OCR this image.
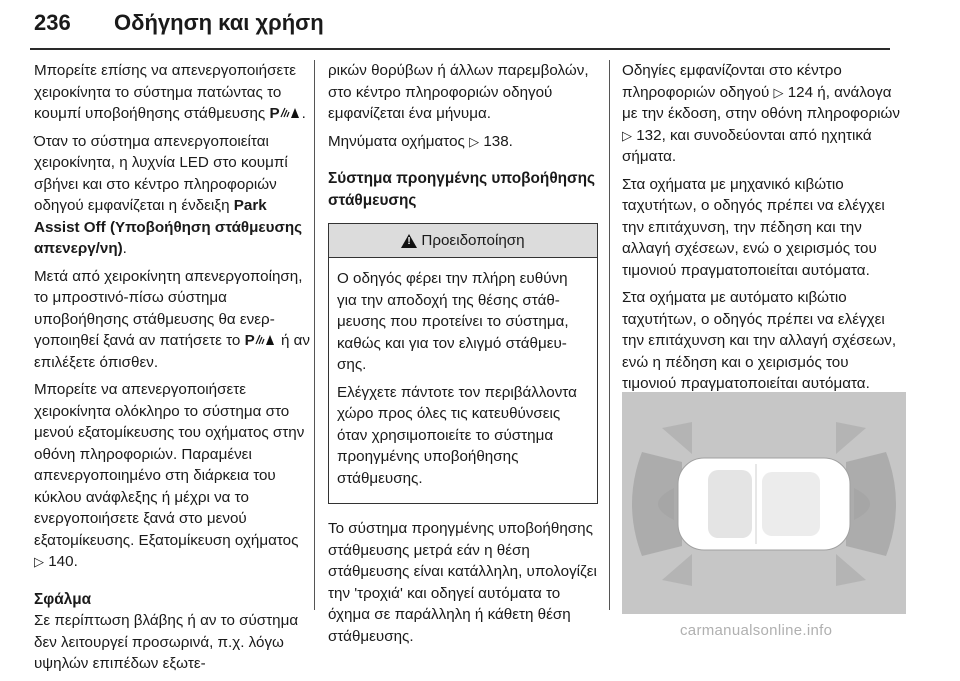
236 Οδήγηση και χρήση

Μπορείτε επίσης να απενεργοποιήσετε χειροκίνητα το σύστημα πατώντας το κουμπί υποβοήθησης στάθμευσης P .

Όταν το σύστημα απενεργοποιείται χειροκίνητα, η λυχνία LED στο κουμπί σβήνει και στο κέντρο πληροφοριών οδηγού εμφανίζεται η ένδειξη Park Assist Off (Υποβοήθηση στάθμευσης απενεργ/νη).

Μετά από χειροκίνητη απενεργοποίηση, το μπροστινό-πίσω σύστημα υποβοήθησης στάθμευσης θα ενεργοποιηθεί ξανά αν πατήσετε το P ή αν επιλέξετε όπισθεν.

Μπορείτε να απενεργοποιήσετε χειροκίνητα ολόκληρο το σύστημα στο μενού εξατομίκευσης του οχήματος στην οθόνη πληροφοριών. Παραμένει απενεργοποιημένο στη διάρκεια του κύκλου ανάφλεξης ή μέχρι να το ενεργοποιήσετε ξανά στο μενού εξατομίκευσης. Εξατομίκευση οχήματος ▷ 140.

Σφάλμα

Σε περίπτωση βλάβης ή αν το σύστημα δεν λειτουργεί προσωρινά, π.χ. λόγω υψηλών επιπέδων εξωτε-

ρικών θορύβων ή άλλων παρεμβολών, στο κέντρο πληροφοριών οδηγού εμφανίζεται ένα μήνυμα.

Μηνύματα οχήματος ▷ 138.

Σύστημα προηγμένης υποβοήθησης στάθμευσης
!
Προειδοποίηση

Ο οδηγός φέρει την πλήρη ευθύνη για την αποδοχή της θέσης στάθμευσης που προτείνει το σύστημα, καθώς και για τον ελιγμό στάθμευσης.

Ελέγχετε πάντοτε τον περιβάλλοντα χώρο προς όλες τις κατευθύνσεις όταν χρησιμοποιείτε το σύστημα προηγμένης υποβοήθησης στάθμευσης.

Το σύστημα προηγμένης υποβοήθησης στάθμευσης μετρά εάν η θέση στάθμευσης είναι κατάλληλη, υπολογίζει την 'τροχιά' και οδηγεί αυτόματα το όχημα σε παράλληλη ή κάθετη θέση στάθμευσης.

Οδηγίες εμφανίζονται στο κέντρο πληροφοριών οδηγού ▷ 124 ή, ανάλογα με την έκδοση, στην οθόνη πληροφοριών ▷ 132, και συνοδεύονται από ηχητικά σήματα.

Στα οχήματα με μηχανικό κιβώτιο ταχυτήτων, ο οδηγός πρέπει να ελέγχει την επιτάχυνση, την πέδηση και την αλλαγή σχέσεων, ενώ ο χειρισμός του τιμονιού πραγματοποιείται αυτόματα.

Στα οχήματα με αυτόματο κιβώτιο ταχυτήτων, ο οδηγός πρέπει να ελέγχει την επιτάχυνση και την αλλαγή σχέσεων, ενώ η πέδηση και ο χειρισμός του τιμονιού πραγματοποιείται αυτόματα.

carmanualsonline.info
